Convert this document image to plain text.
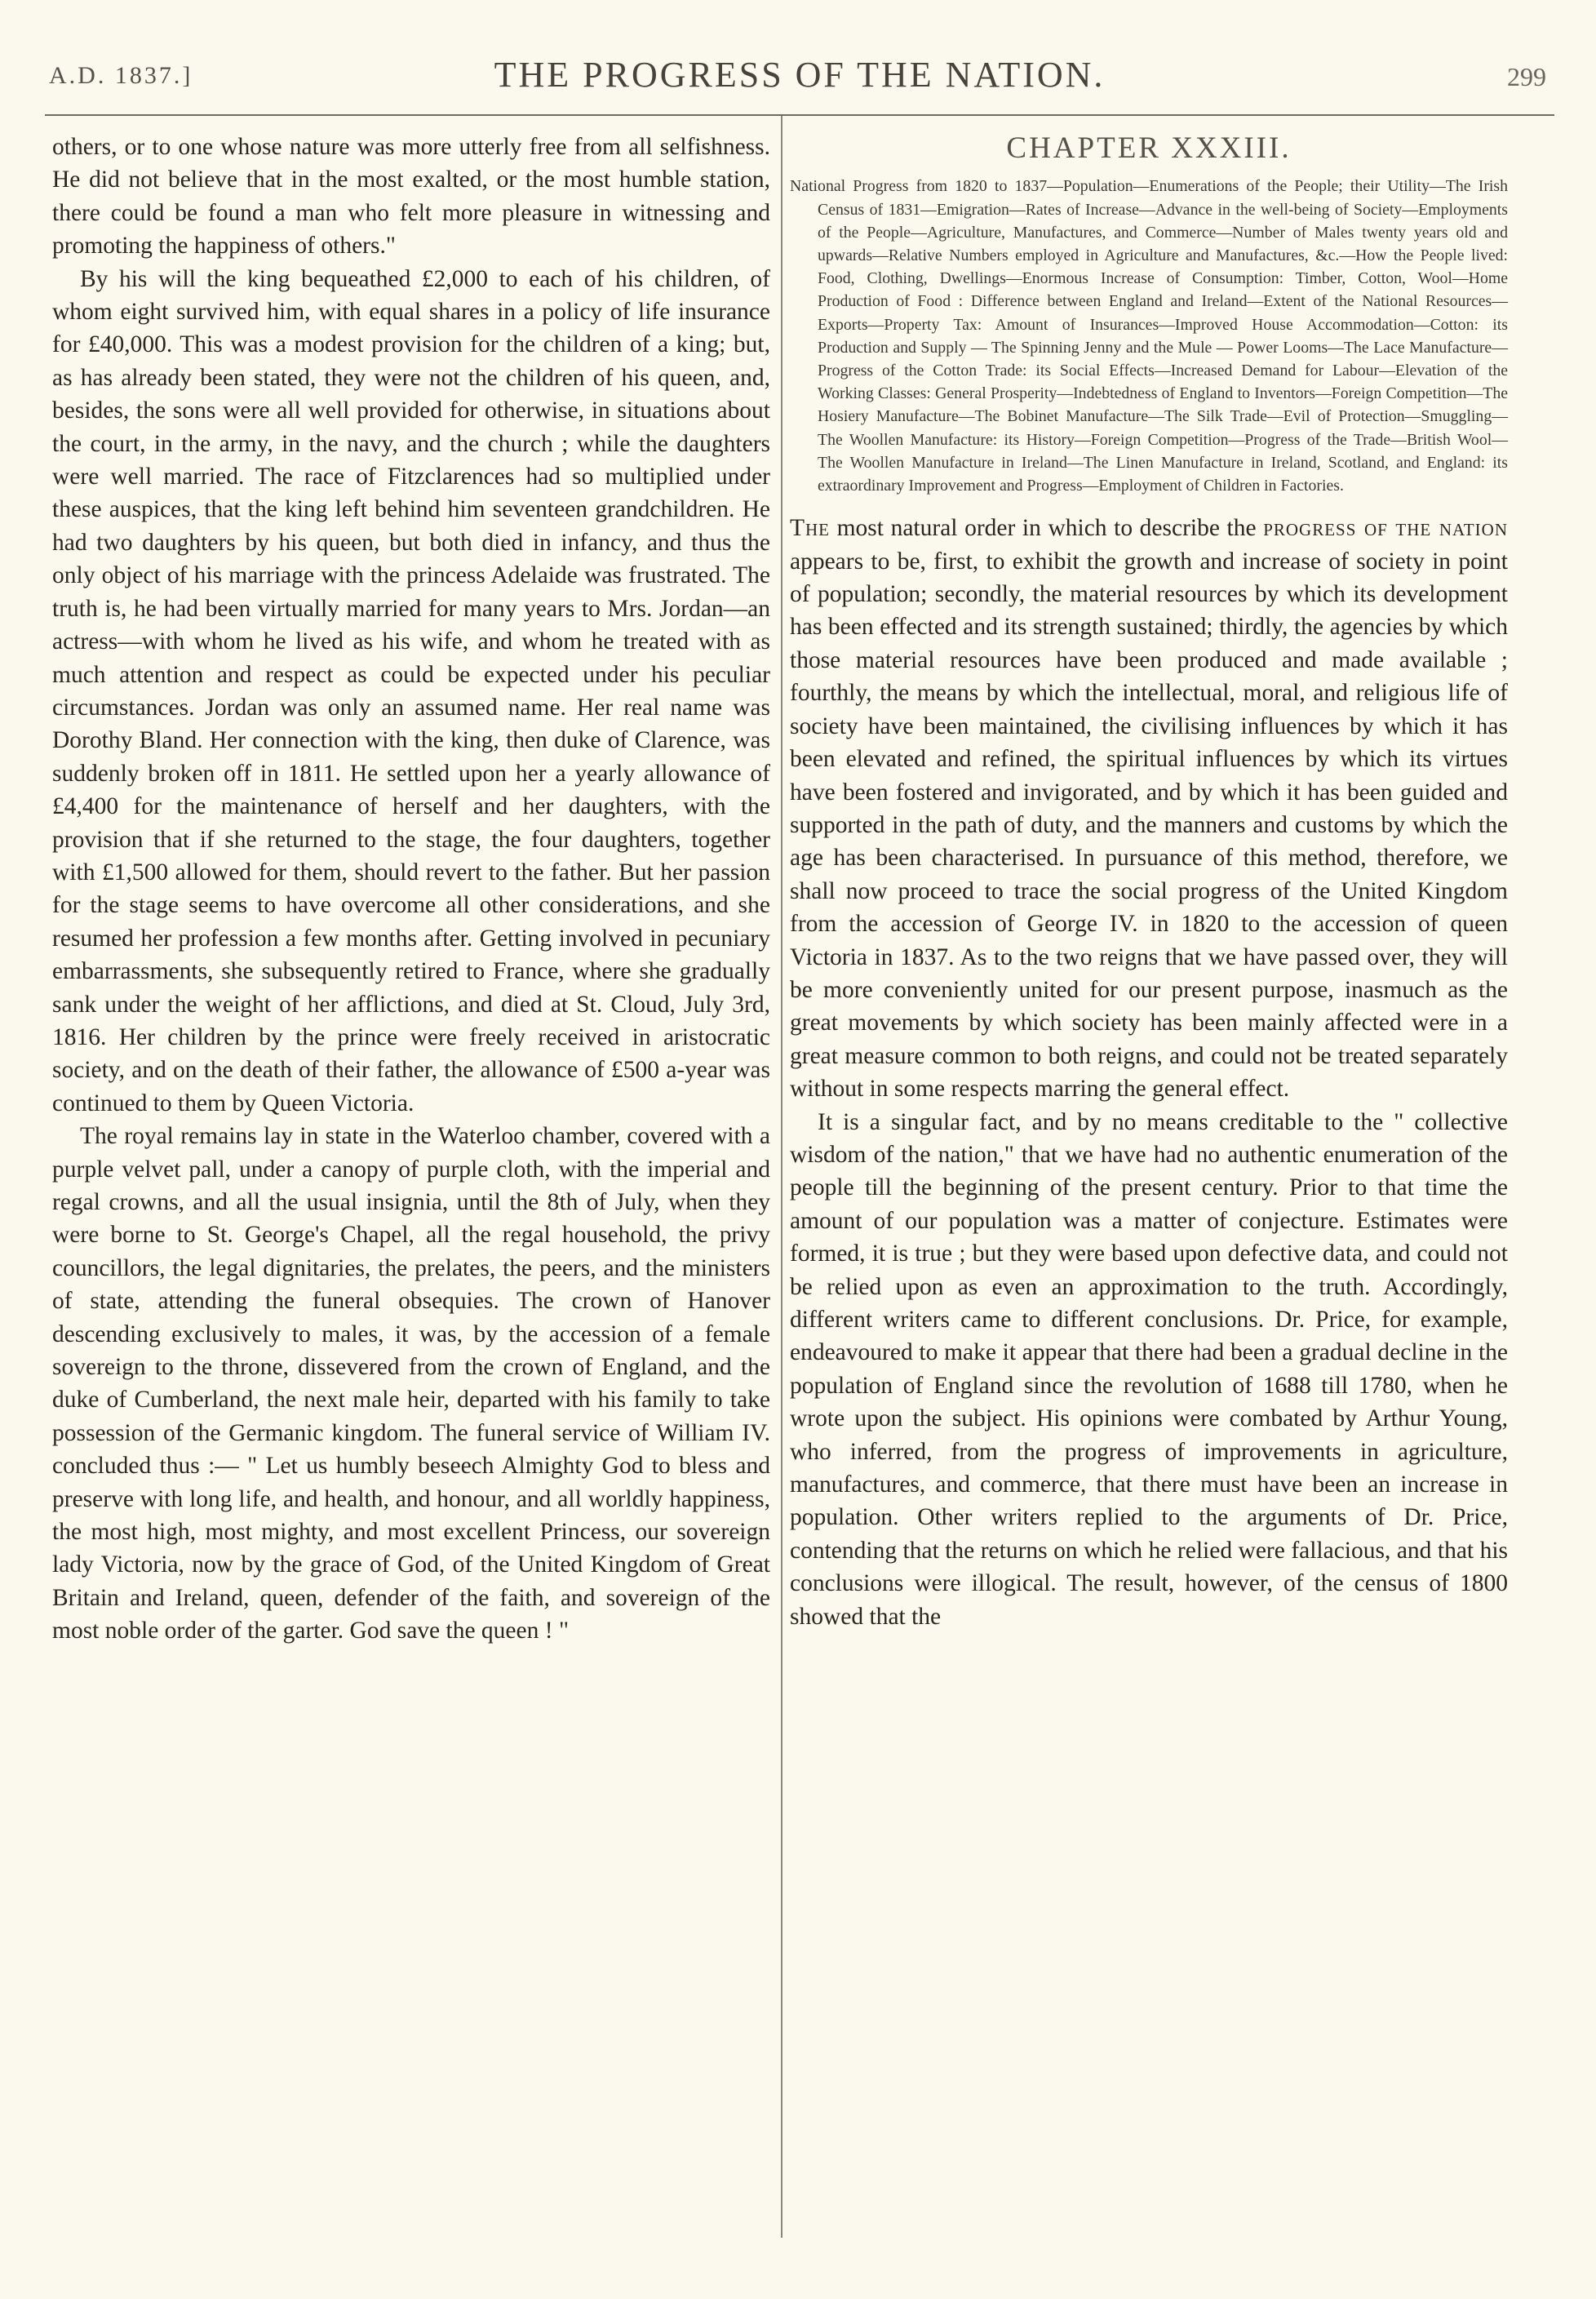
A.D. 1837.]	THE PROGRESS OF THE NATION.	299

others, or to one whose nature was more utterly free from all selfishness. He did not believe that in the most exalted, or the most humble station, there could be found a man who felt more pleasure in witnessing and promoting the happiness of others."

By his will the king bequeathed £2,000 to each of his children, of whom eight survived him, with equal shares in a policy of life insurance for £40,000. This was a modest provision for the children of a king; but, as has already been stated, they were not the children of his queen, and, besides, the sons were all well provided for otherwise, in situations about the court, in the army, in the navy, and the church ; while the daughters were well married. The race of Fitzclarences had so multiplied under these auspices, that the king left behind him seventeen grandchildren. He had two daughters by his queen, but both died in infancy, and thus the only object of his marriage with the princess Adelaide was frustrated. The truth is, he had been virtually married for many years to Mrs. Jordan—an actress—with whom he lived as his wife, and whom he treated with as much attention and respect as could be expected under his peculiar circumstances. Jordan was only an assumed name. Her real name was Dorothy Bland. Her connection with the king, then duke of Clarence, was suddenly broken off in 1811. He settled upon her a yearly allowance of £4,400 for the maintenance of herself and her daughters, with the provision that if she returned to the stage, the four daughters, together with £1,500 allowed for them, should revert to the father. But her passion for the stage seems to have overcome all other considerations, and she resumed her profession a few months after. Getting involved in pecuniary embarrassments, she subsequently retired to France, where she gradually sank under the weight of her afflictions, and died at St. Cloud, July 3rd, 1816. Her children by the prince were freely received in aristocratic society, and on the death of their father, the allowance of £500 a-year was continued to them by Queen Victoria.

The royal remains lay in state in the Waterloo chamber, covered with a purple velvet pall, under a canopy of purple cloth, with the imperial and regal crowns, and all the usual insignia, until the 8th of July, when they were borne to St. George's Chapel, all the regal household, the privy councillors, the legal dignitaries, the prelates, the peers, and the ministers of state, attending the funeral obsequies. The crown of Hanover descending exclusively to males, it was, by the accession of a female sovereign to the throne, dissevered from the crown of England, and the duke of Cumberland, the next male heir, departed with his family to take possession of the Germanic kingdom. The funeral service of William IV. concluded thus :— " Let us humbly beseech Almighty God to bless and preserve with long life, and health, and honour, and all worldly happiness, the most high, most mighty, and most excellent Princess, our sovereign lady Victoria, now by the grace of God, of the United Kingdom of Great Britain and Ireland, queen, defender of the faith, and sovereign of the most noble order of the garter. God save the queen ! "

CHAPTER XXXIII.
National Progress from 1820 to 1837—Population—Enumerations of the People; their Utility—The Irish Census of 1831—Emigration—Rates of Increase—Advance in the well-being of Society—Employments of the People—Agriculture, Manufactures, and Commerce—Number of Males twenty years old and upwards—Relative Numbers employed in Agriculture and Manufactures, &c.—How the People lived: Food, Clothing, Dwellings—Enormous Increase of Consumption: Timber, Cotton, Wool—Home Production of Food : Difference between England and Ireland—Extent of the National Resources—Exports—Property Tax: Amount of Insurances—Improved House Accommodation—Cotton: its Production and Supply — The Spinning Jenny and the Mule — Power Looms—The Lace Manufacture—Progress of the Cotton Trade: its Social Effects—Increased Demand for Labour—Elevation of the Working Classes: General Prosperity—Indebtedness of England to Inventors—Foreign Competition—The Hosiery Manufacture—The Bobinet Manufacture—The Silk Trade—Evil of Protection—Smuggling—The Woollen Manufacture: its History—Foreign Competition—Progress of the Trade—British Wool—The Woollen Manufacture in Ireland—The Linen Manufacture in Ireland, Scotland, and England: its extraordinary Improvement and Progress—Employment of Children in Factories.

The most natural order in which to describe the progress of the nation appears to be, first, to exhibit the growth and increase of society in point of population; secondly, the material resources by which its development has been effected and its strength sustained; thirdly, the agencies by which those material resources have been produced and made available ; fourthly, the means by which the intellectual, moral, and religious life of society have been maintained, the civilising influences by which it has been elevated and refined, the spiritual influences by which its virtues have been fostered and invigorated, and by which it has been guided and supported in the path of duty, and the manners and customs by which the age has been characterised. In pursuance of this method, therefore, we shall now proceed to trace the social progress of the United Kingdom from the accession of George IV. in 1820 to the accession of queen Victoria in 1837. As to the two reigns that we have passed over, they will be more conveniently united for our present purpose, inasmuch as the great movements by which society has been mainly affected were in a great measure common to both reigns, and could not be treated separately without in some respects marring the general effect.

It is a singular fact, and by no means creditable to the " collective wisdom of the nation," that we have had no authentic enumeration of the people till the beginning of the present century. Prior to that time the amount of our population was a matter of conjecture. Estimates were formed, it is true ; but they were based upon defective data, and could not be relied upon as even an approximation to the truth. Accordingly, different writers came to different conclusions. Dr. Price, for example, endeavoured to make it appear that there had been a gradual decline in the population of England since the revolution of 1688 till 1780, when he wrote upon the subject. His opinions were combated by Arthur Young, who inferred, from the progress of improvements in agriculture, manufactures, and commerce, that there must have been an increase in population. Other writers replied to the arguments of Dr. Price, contending that the returns on which he relied were fallacious, and that his conclusions were illogical. The result, however, of the census of 1800 showed that the
